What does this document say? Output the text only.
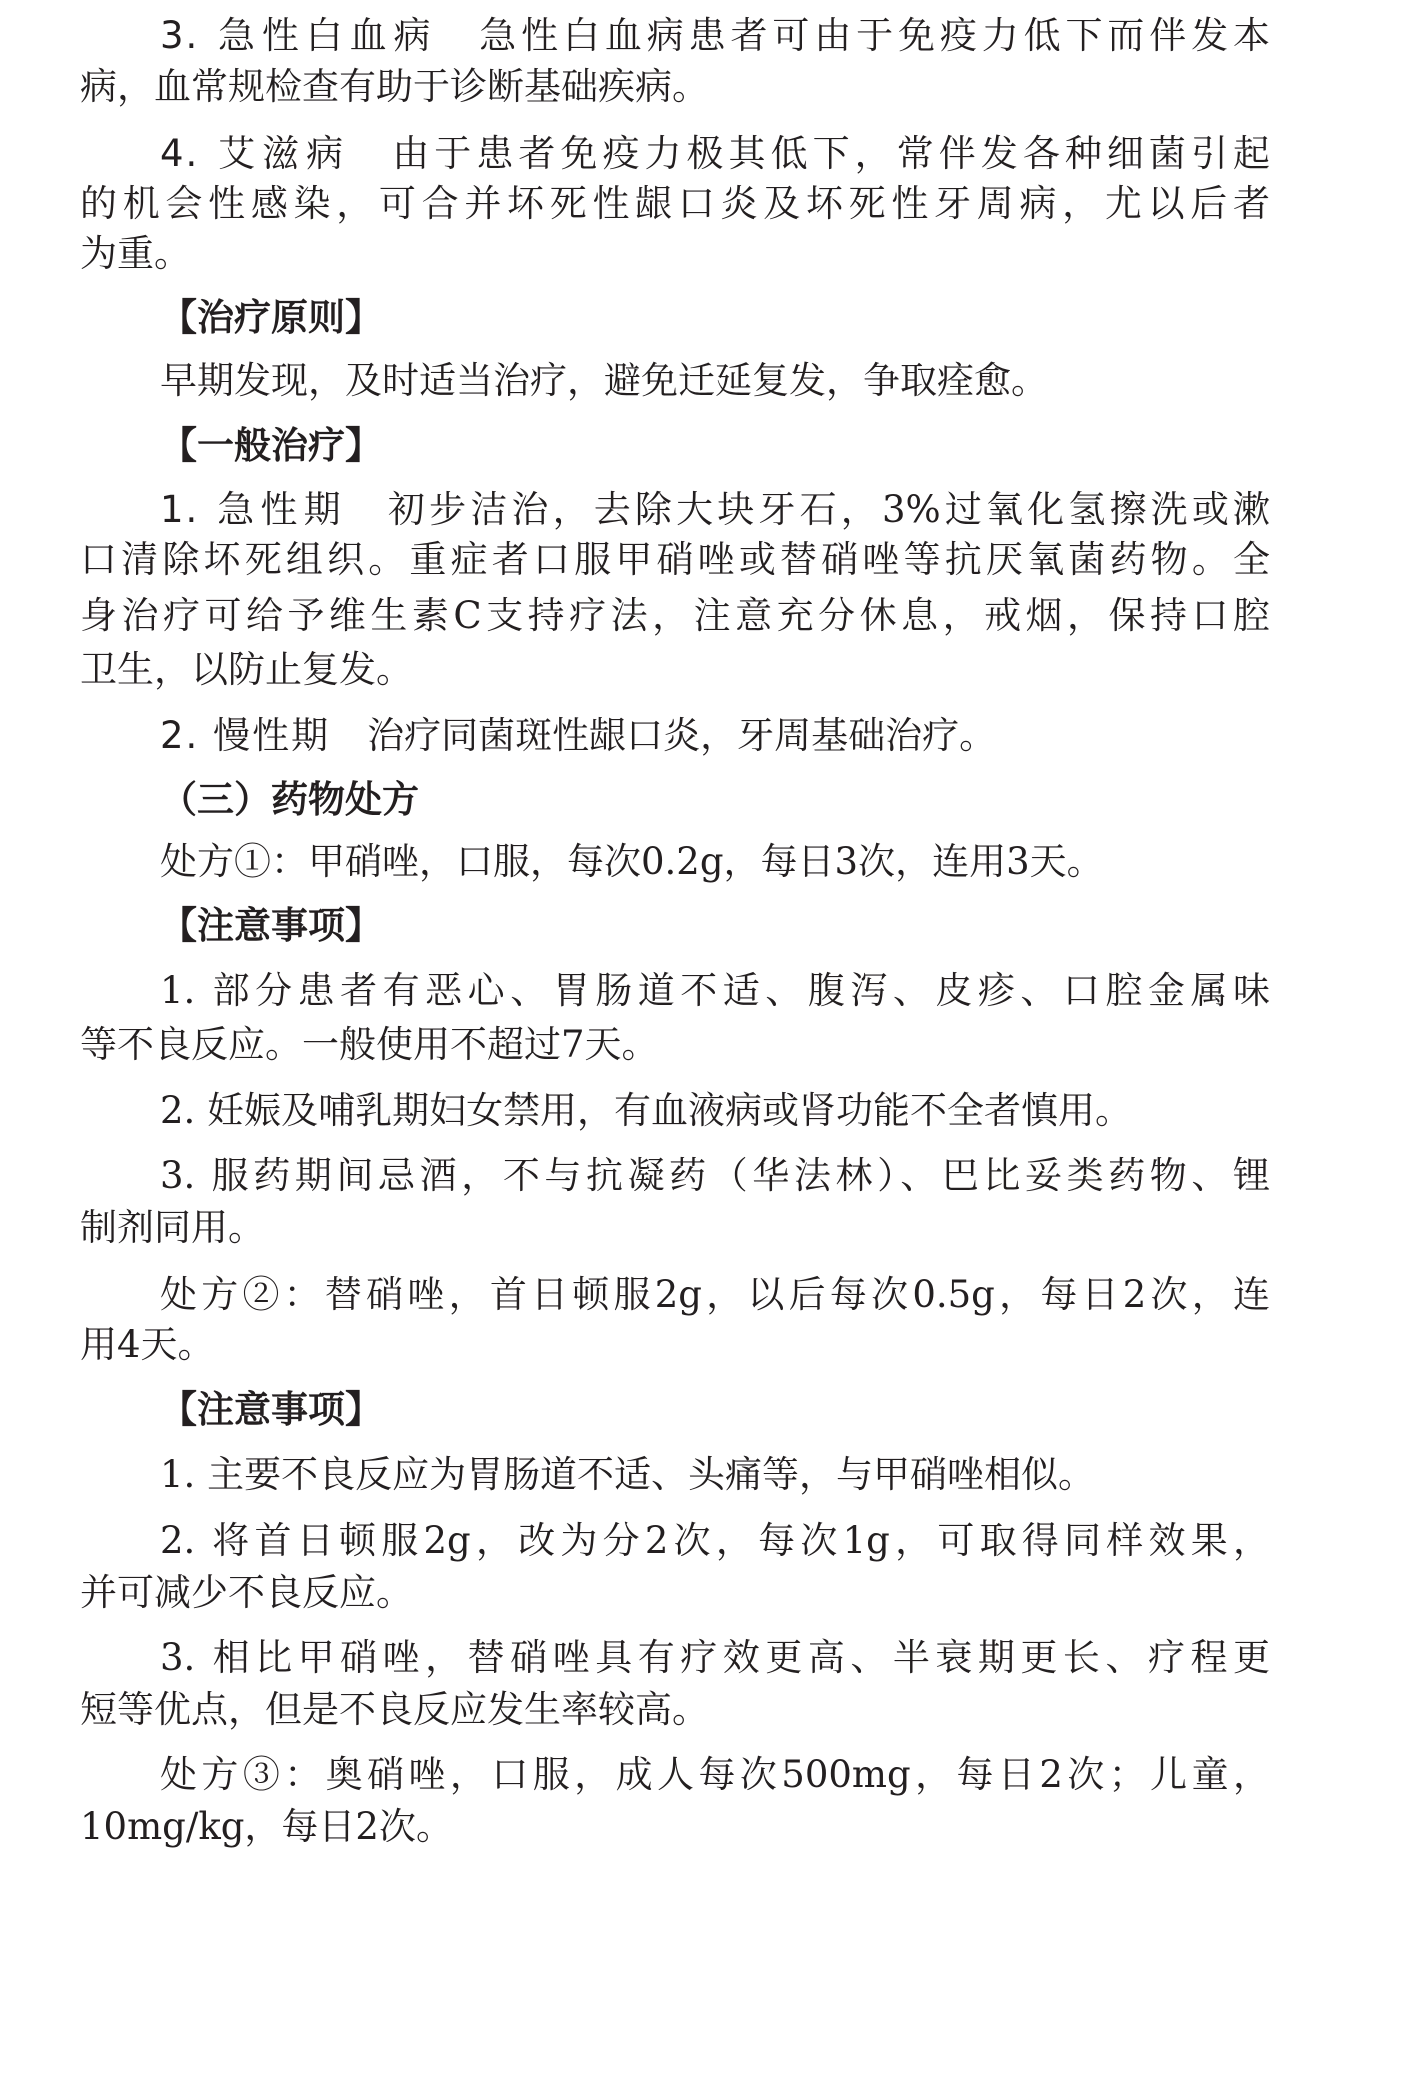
3. 急性白血病　 急性白血病患者可由于免疫力低下而伴发本
病，血常规检查有助于诊断基础疾病。
4. 艾滋病　 由于患者免疫力极其低下，常伴发各种细菌引起
的机会性感染，可合并坏死性龈口炎及坏死性牙周病，尤以后者
为重。
【治疗原则】
早期发现，及时适当治疗，避免迁延复发，争取痊愈。
【一般治疗】
1. 急性期　 初步洁治，去除大块牙石，3%过氧化氢擦洗或漱
口清除坏死组织。重症者口服甲硝唑或替硝唑等抗厌氧菌药物。全
身治疗可给予维生素C支持疗法，注意充分休息，戒烟，保持口腔
卫生，以防止复发。
2. 慢性期　 治疗同菌斑性龈口炎，牙周基础治疗。
（三）药物处方
处方①：甲硝唑，口服，每次0.2g，每日3次，连用3天。
【注意事项】
1. 部分患者有恶心、胃肠道不适、腹泻、皮疹、口腔金属味
等不良反应。一般使用不超过7天。
2. 妊娠及哺乳期妇女禁用，有血液病或肾功能不全者慎用。
3. 服药期间忌酒，不与抗凝药（华法林）、巴比妥类药物、锂
制剂同用。
处方②：替硝唑，首日顿服2g，以后每次0.5g，每日2次，连
用4天。
【注意事项】
1. 主要不良反应为胃肠道不适、头痛等，与甲硝唑相似。
2. 将首日顿服2g，改为分2次，每次1g，可取得同样效果，
并可减少不良反应。
3. 相比甲硝唑，替硝唑具有疗效更高、半衰期更长、疗程更
短等优点，但是不良反应发生率较高。
处方③：奥硝唑，口服，成人每次500mg，每日2次；儿童，
10mg/kg，每日2次。
